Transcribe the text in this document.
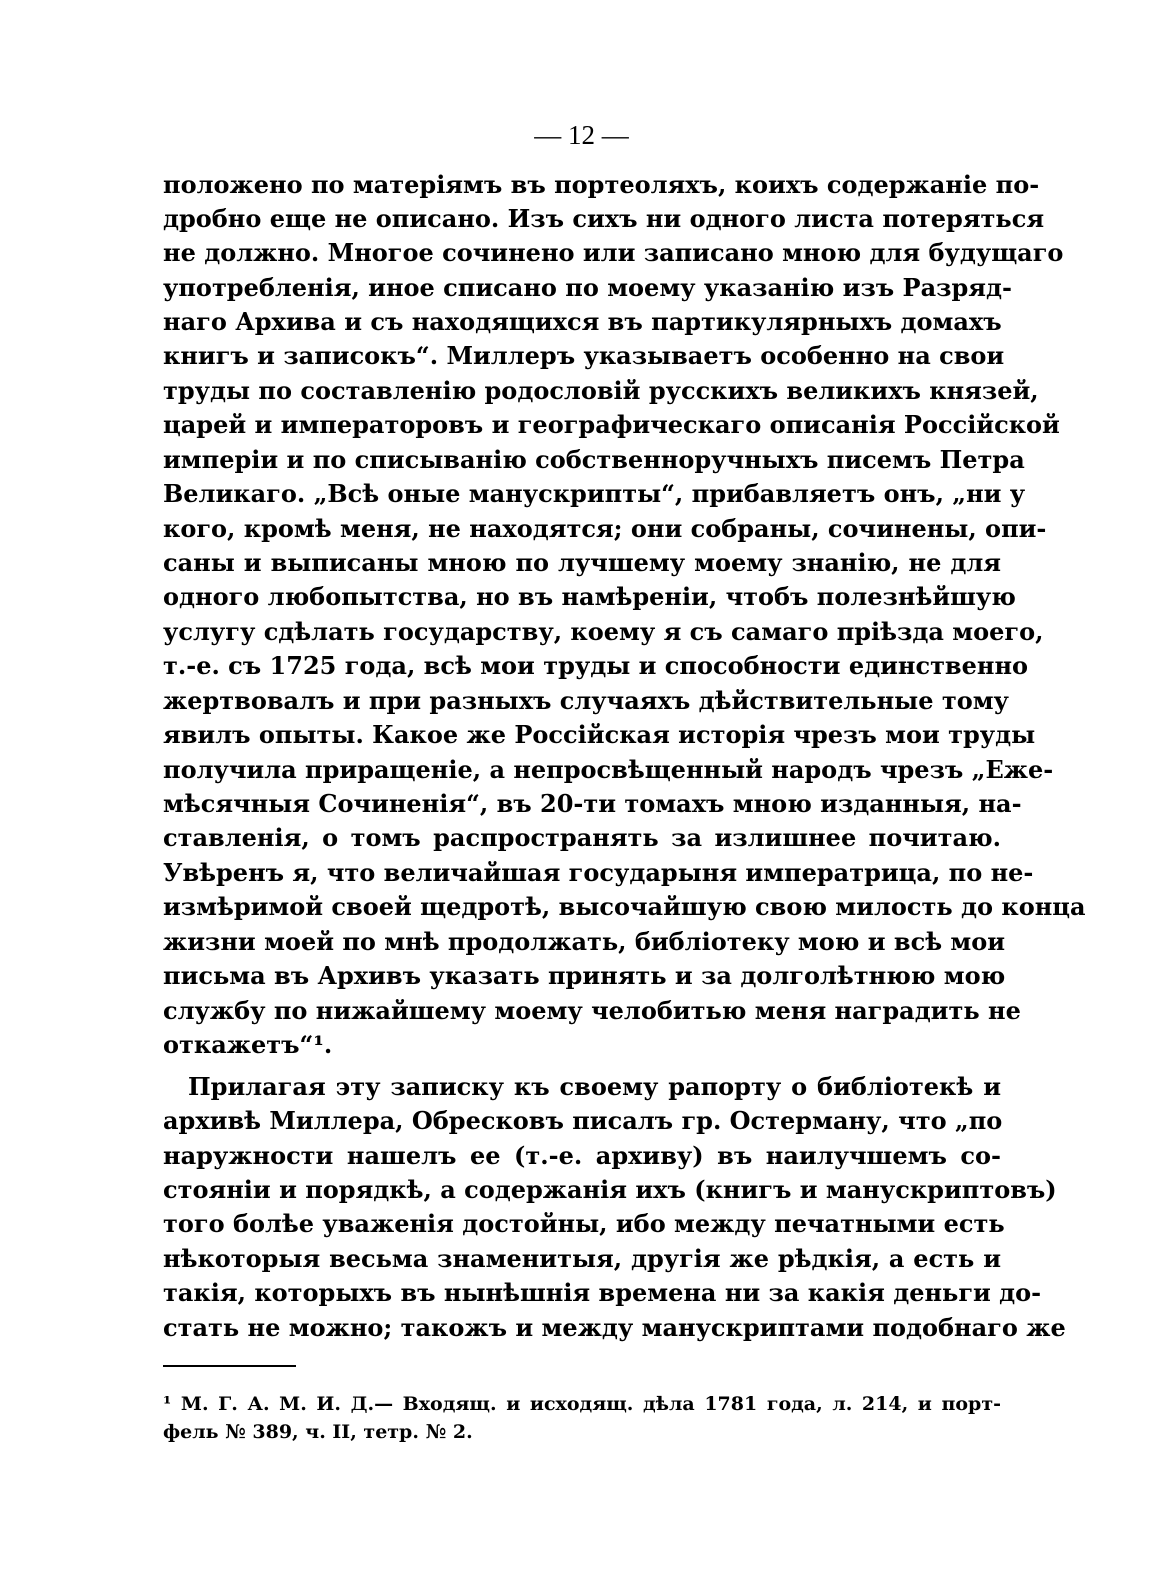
— 12 —
положено по матеріямъ въ портеоляхъ, коихъ содержаніе по-
дробно еще не описано. Изъ сихъ ни одного листа потеряться
не должно. Многое сочинено или записано мною для будущаго
употребленія, иное списано по моему указанію изъ Разряд-
наго Архива и съ находящихся въ партикулярныхъ домахъ
книгъ и записокъ“. Миллеръ указываетъ особенно на свои
труды по составленію родословій русскихъ великихъ князей,
царей и императоровъ и географическаго описанія Россійской
имперіи и по списыванію собственноручныхъ писемъ Петра
Великаго. „Всѣ оные манускрипты“, прибавляетъ онъ, „ни у
кого, кромѣ меня, не находятся; они собраны, сочинены, опи-
саны и выписаны мною по лучшему моему знанію, не для
одного любопытства, но въ намѣреніи, чтобъ полезнѣйшую
услугу сдѣлать государству, коему я съ самаго пріѣзда моего,
т.-е. съ 1725 года, всѣ мои труды и способности единственно
жертвовалъ и при разныхъ случаяхъ дѣйствительные тому
явилъ опыты. Какое же Россійская исторія чрезъ мои труды
получила приращеніе, а непросвѣщенный народъ чрезъ „Еже-
мѣсячныя Сочиненія“, въ 20-ти томахъ мною изданныя, на-
ставленія, о томъ распространять за излишнее почитаю.
Увѣренъ я, что величайшая государыня императрица, по не-
измѣримой своей щедротѣ, высочайшую свою милость до конца
жизни моей по мнѣ продолжать, библіотеку мою и всѣ мои
письма въ Архивъ указать принять и за долголѣтнюю мою
службу по нижайшему моему челобитью меня наградить не
откажетъ“¹.
Прилагая эту записку къ своему рапорту о библіотекѣ и
архивѣ Миллера, Обресковъ писалъ гр. Остерману, что „по
наружности нашелъ ее (т.-е. архиву) въ наилучшемъ со-
стояніи и порядкѣ, а содержанія ихъ (книгъ и манускриптовъ)
того болѣе уваженія достойны, ибо между печатными есть
нѣкоторыя весьма знаменитыя, другія же рѣдкія, а есть и
такія, которыхъ въ нынѣшнія времена ни за какія деньги до-
стать не можно; такожъ и между манускриптами подобнаго же
¹ М. Г. А. М. И. Д.— Входящ. и исходящ. дѣла 1781 года, л. 214, и порт-
фель № 389, ч. II, тетр. № 2.
